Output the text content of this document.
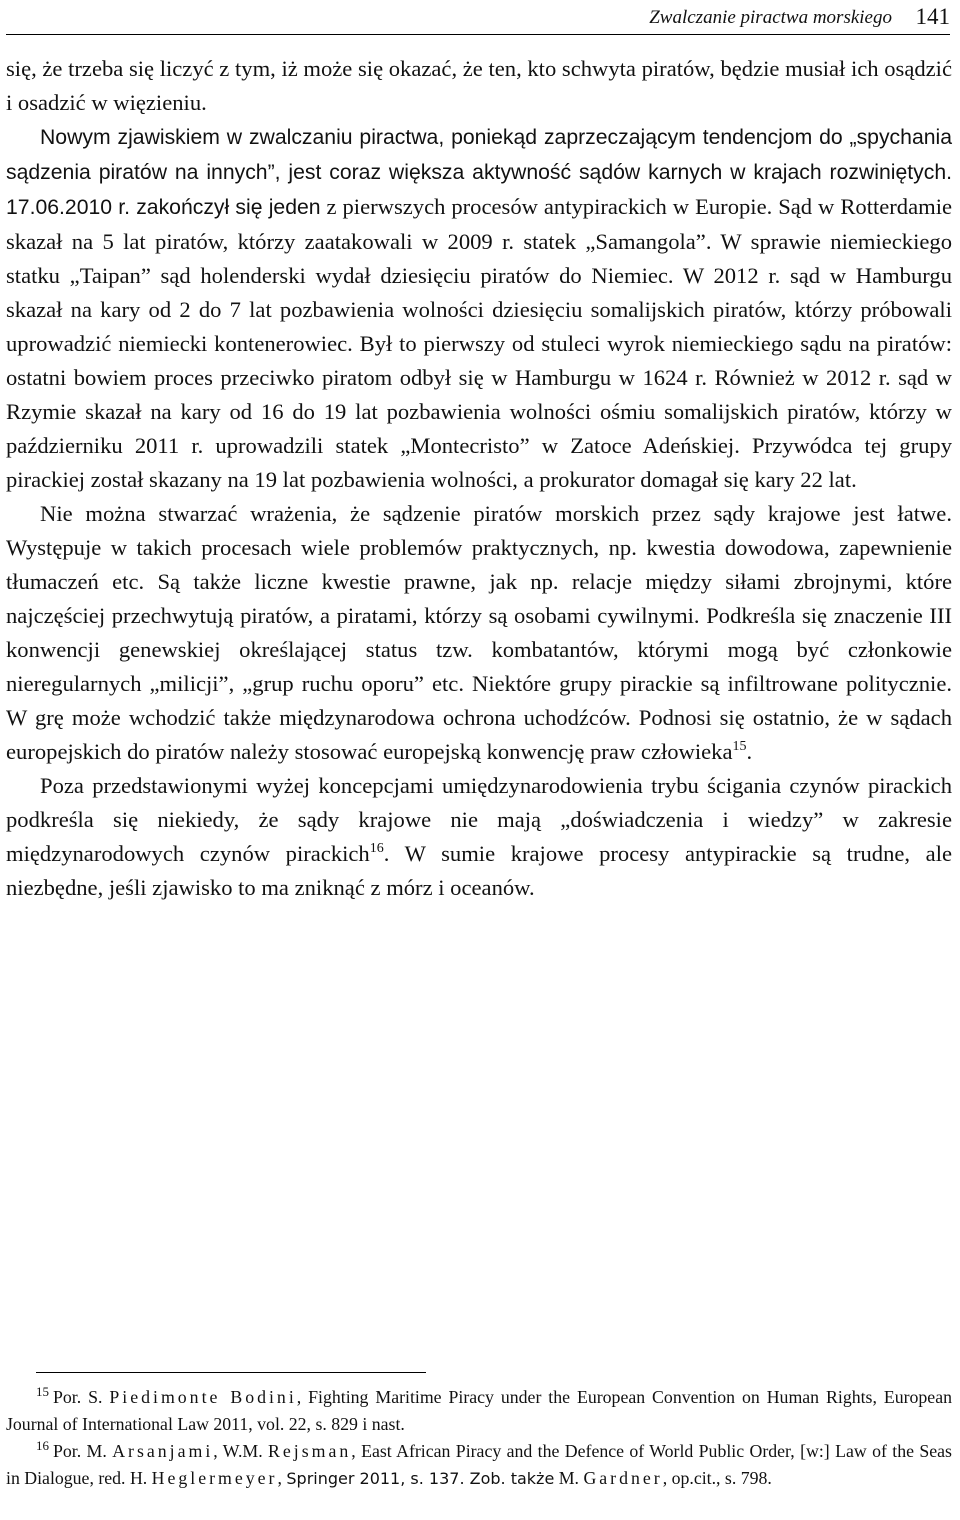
Zwalczanie piractwa morskiego 141

się, że trzeba się liczyć z tym, iż może się okazać, że ten, kto schwyta piratów, będzie musiał ich osądzić i osadzić w więzieniu.

Nowym zjawiskiem w zwalczaniu piractwa, poniekąd zaprzeczającym tendencjom do „spychania sądzenia piratów na innych”, jest coraz większa aktywność sądów karnych w krajach rozwiniętych. 17.06.2010 r. zakończył się jeden z pierwszych procesów antypirackich w Europie. Sąd w Rotterdamie skazał na 5 lat piratów, którzy zaatakowali w 2009 r. statek „Samangola”. W sprawie niemieckiego statku „Taipan” sąd holenderski wydał dziesięciu piratów do Niemiec. W 2012 r. sąd w Hamburgu skazał na kary od 2 do 7 lat pozbawienia wolności dziesięciu somalijskich piratów, którzy próbowali uprowadzić niemiecki kontenerowiec. Był to pierwszy od stuleci wyrok niemieckiego sądu na piratów: ostatni bowiem proces przeciwko piratom odbył się w Hamburgu w 1624 r. Również w 2012 r. sąd w Rzymie skazał na kary od 16 do 19 lat pozbawienia wolności ośmiu somalijskich piratów, którzy w październiku 2011 r. uprowadzili statek „Montecristo” w Zatoce Adeńskiej. Przywódca tej grupy pirackiej został skazany na 19 lat pozbawienia wolności, a prokurator domagał się kary 22 lat.

Nie można stwarzać wrażenia, że sądzenie piratów morskich przez sądy krajowe jest łatwe. Występuje w takich procesach wiele problemów praktycznych, np. kwestia dowodowa, zapewnienie tłumaczeń etc. Są także liczne kwestie prawne, jak np. relacje między siłami zbrojnymi, które najczęściej przechwytują piratów, a piratami, którzy są osobami cywilnymi. Podkreśla się znaczenie III konwencji genewskiej określającej status tzw. kombatantów, którymi mogą być członkowie nieregularnych „milicji”, „grup ruchu oporu” etc. Niektóre grupy pirackie są infiltrowane politycznie. W grę może wchodzić także międzynarodowa ochrona uchodźców. Podnosi się ostatnio, że w sądach europejskich do piratów należy stosować europejską konwencję praw człowieka$^{15}$.

Poza przedstawionymi wyżej koncepcjami umiędzynarodowienia trybu ścigania czynów pirackich podkreśla się niekiedy, że sądy krajowe nie mają „doświadczenia i wiedzy” w zakresie międzynarodowych czynów pirackich$^{16}$. W sumie krajowe procesy antypirackie są trudne, ale niezbędne, jeśli zjawisko to ma zniknąć z mórz i oceanów.

$^{15}$ Por. S. Piedimonte Bodini, Fighting Maritime Piracy under the European Convention on Human Rights, European Journal of International Law 2011, vol. 22, s. 829 i nast.

$^{16}$ Por. M. Arsanjami, W.M. Rejsman, East African Piracy and the Defence of World Public Order, [w:] Law of the Seas in Dialogue, red. H. Heglermeyer, Springer 2011, s. 137. Zob. także M. Gardner, op.cit., s. 798.
